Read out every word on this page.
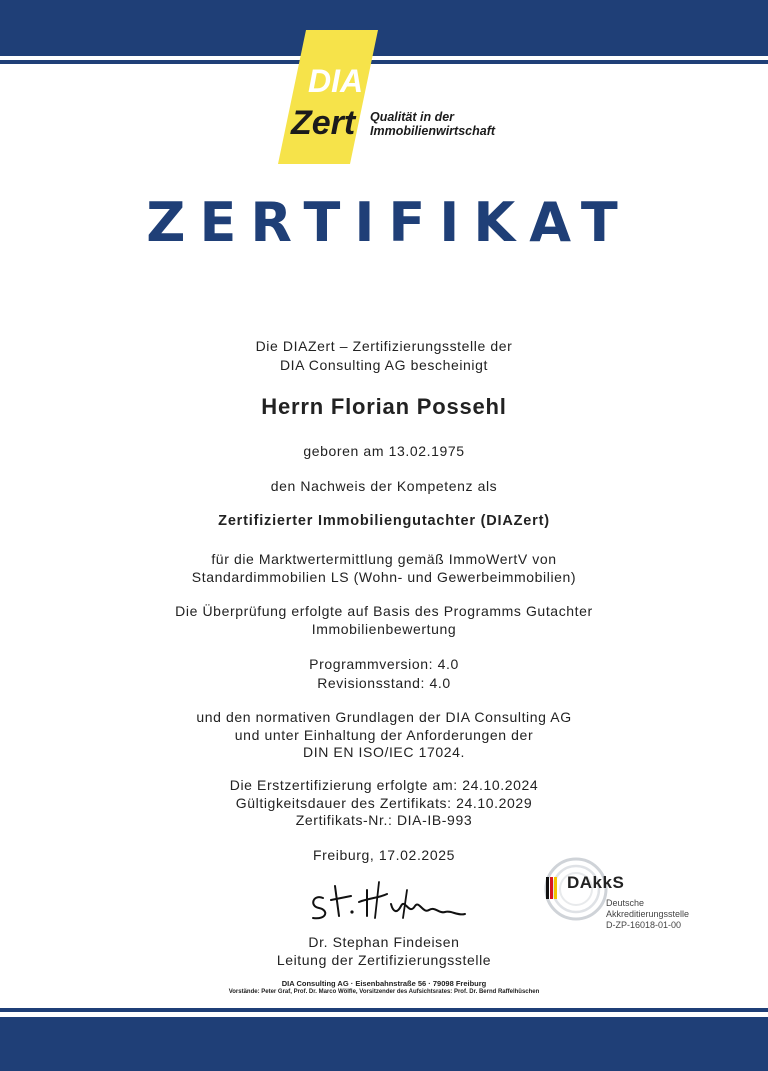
DIA
Zert Qualität in der
Immobilienwirtschaft
ZERTIFIKAT
Die DIAZert – Zertifizierungsstelle der
DIA Consulting AG bescheinigt
Herrn Florian Possehl
geboren am 13.02.1975
den Nachweis der Kompetenz als
Zertifizierter Immobiliengutachter (DIAZert)
für die Marktwertermittlung gemäß ImmoWertV von
Standardimmobilien LS (Wohn- und Gewerbeimmobilien)
Die Überprüfung erfolgte auf Basis des Programms Gutachter
Immobilienbewertung
Programmversion: 4.0
Revisionsstand: 4.0
und den normativen Grundlagen der DIA Consulting AG
und unter Einhaltung der Anforderungen der
DIN EN ISO/IEC 17024.
Die Erstzertifizierung erfolgte am: 24.10.2024
Gültigkeitsdauer des Zertifikats: 24.10.2029
Zertifikats-Nr.: DIA-IB-993
Freiburg, 17.02.2025
Dr. Stephan Findeisen
Leitung der Zertifizierungsstelle
DAkkS
Deutsche
Akkreditierungsstelle
D-ZP-16018-01-00
DIA Consulting AG · Eisenbahnstraße 56 · 79098 Freiburg
Vorstände: Peter Graf, Prof. Dr. Marco Wölfle, Vorsitzender des Aufsichtsrates: Prof. Dr. Bernd Raffelhüschen
